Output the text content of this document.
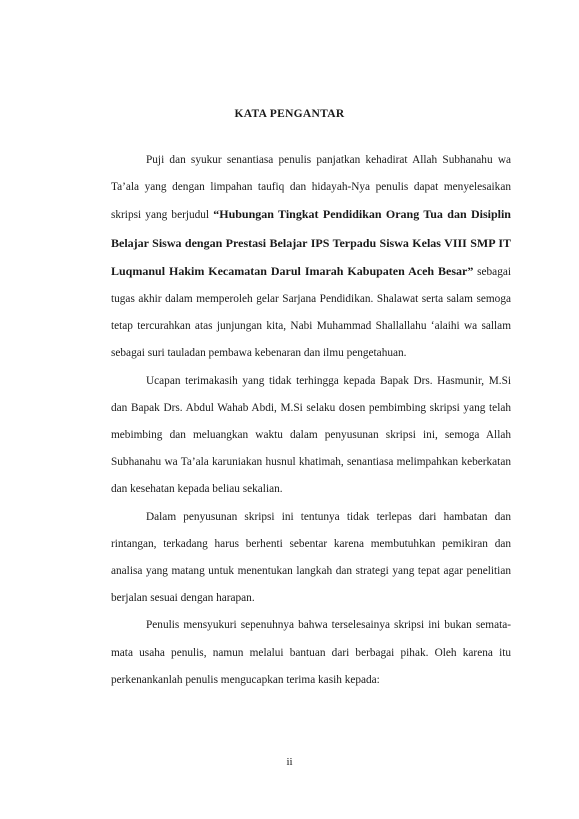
KATA PENGANTAR

Puji dan syukur senantiasa penulis panjatkan kehadirat Allah Subhanahu wa Ta’ala yang dengan limpahan taufiq dan hidayah-Nya penulis dapat menyelesaikan skripsi yang berjudul “Hubungan Tingkat Pendidikan Orang Tua dan Disiplin Belajar Siswa dengan Prestasi Belajar IPS Terpadu Siswa Kelas VIII SMP IT Luqmanul Hakim Kecamatan Darul Imarah Kabupaten Aceh Besar” sebagai tugas akhir dalam memperoleh gelar Sarjana Pendidikan. Shalawat serta salam semoga tetap tercurahkan atas junjungan kita, Nabi Muhammad Shallallahu ‘alaihi wa sallam sebagai suri tauladan pembawa kebenaran dan ilmu pengetahuan.

Ucapan terimakasih yang tidak terhingga kepada Bapak Drs. Hasmunir, M.Si dan Bapak Drs. Abdul Wahab Abdi, M.Si selaku dosen pembimbing skripsi yang telah mebimbing dan meluangkan waktu dalam penyusunan skripsi ini, semoga Allah Subhanahu wa Ta’ala karuniakan husnul khatimah, senantiasa melimpahkan keberkatan dan kesehatan kepada beliau sekalian.

Dalam penyusunan skripsi ini tentunya tidak terlepas dari hambatan dan rintangan, terkadang harus berhenti sebentar karena membutuhkan pemikiran dan analisa yang matang untuk menentukan langkah dan strategi yang tepat agar penelitian berjalan sesuai dengan harapan.

Penulis mensyukuri sepenuhnya bahwa terselesainya skripsi ini bukan semata-mata usaha penulis, namun melalui bantuan dari berbagai pihak. Oleh karena itu perkenankanlah penulis mengucapkan terima kasih kepada:

ii
